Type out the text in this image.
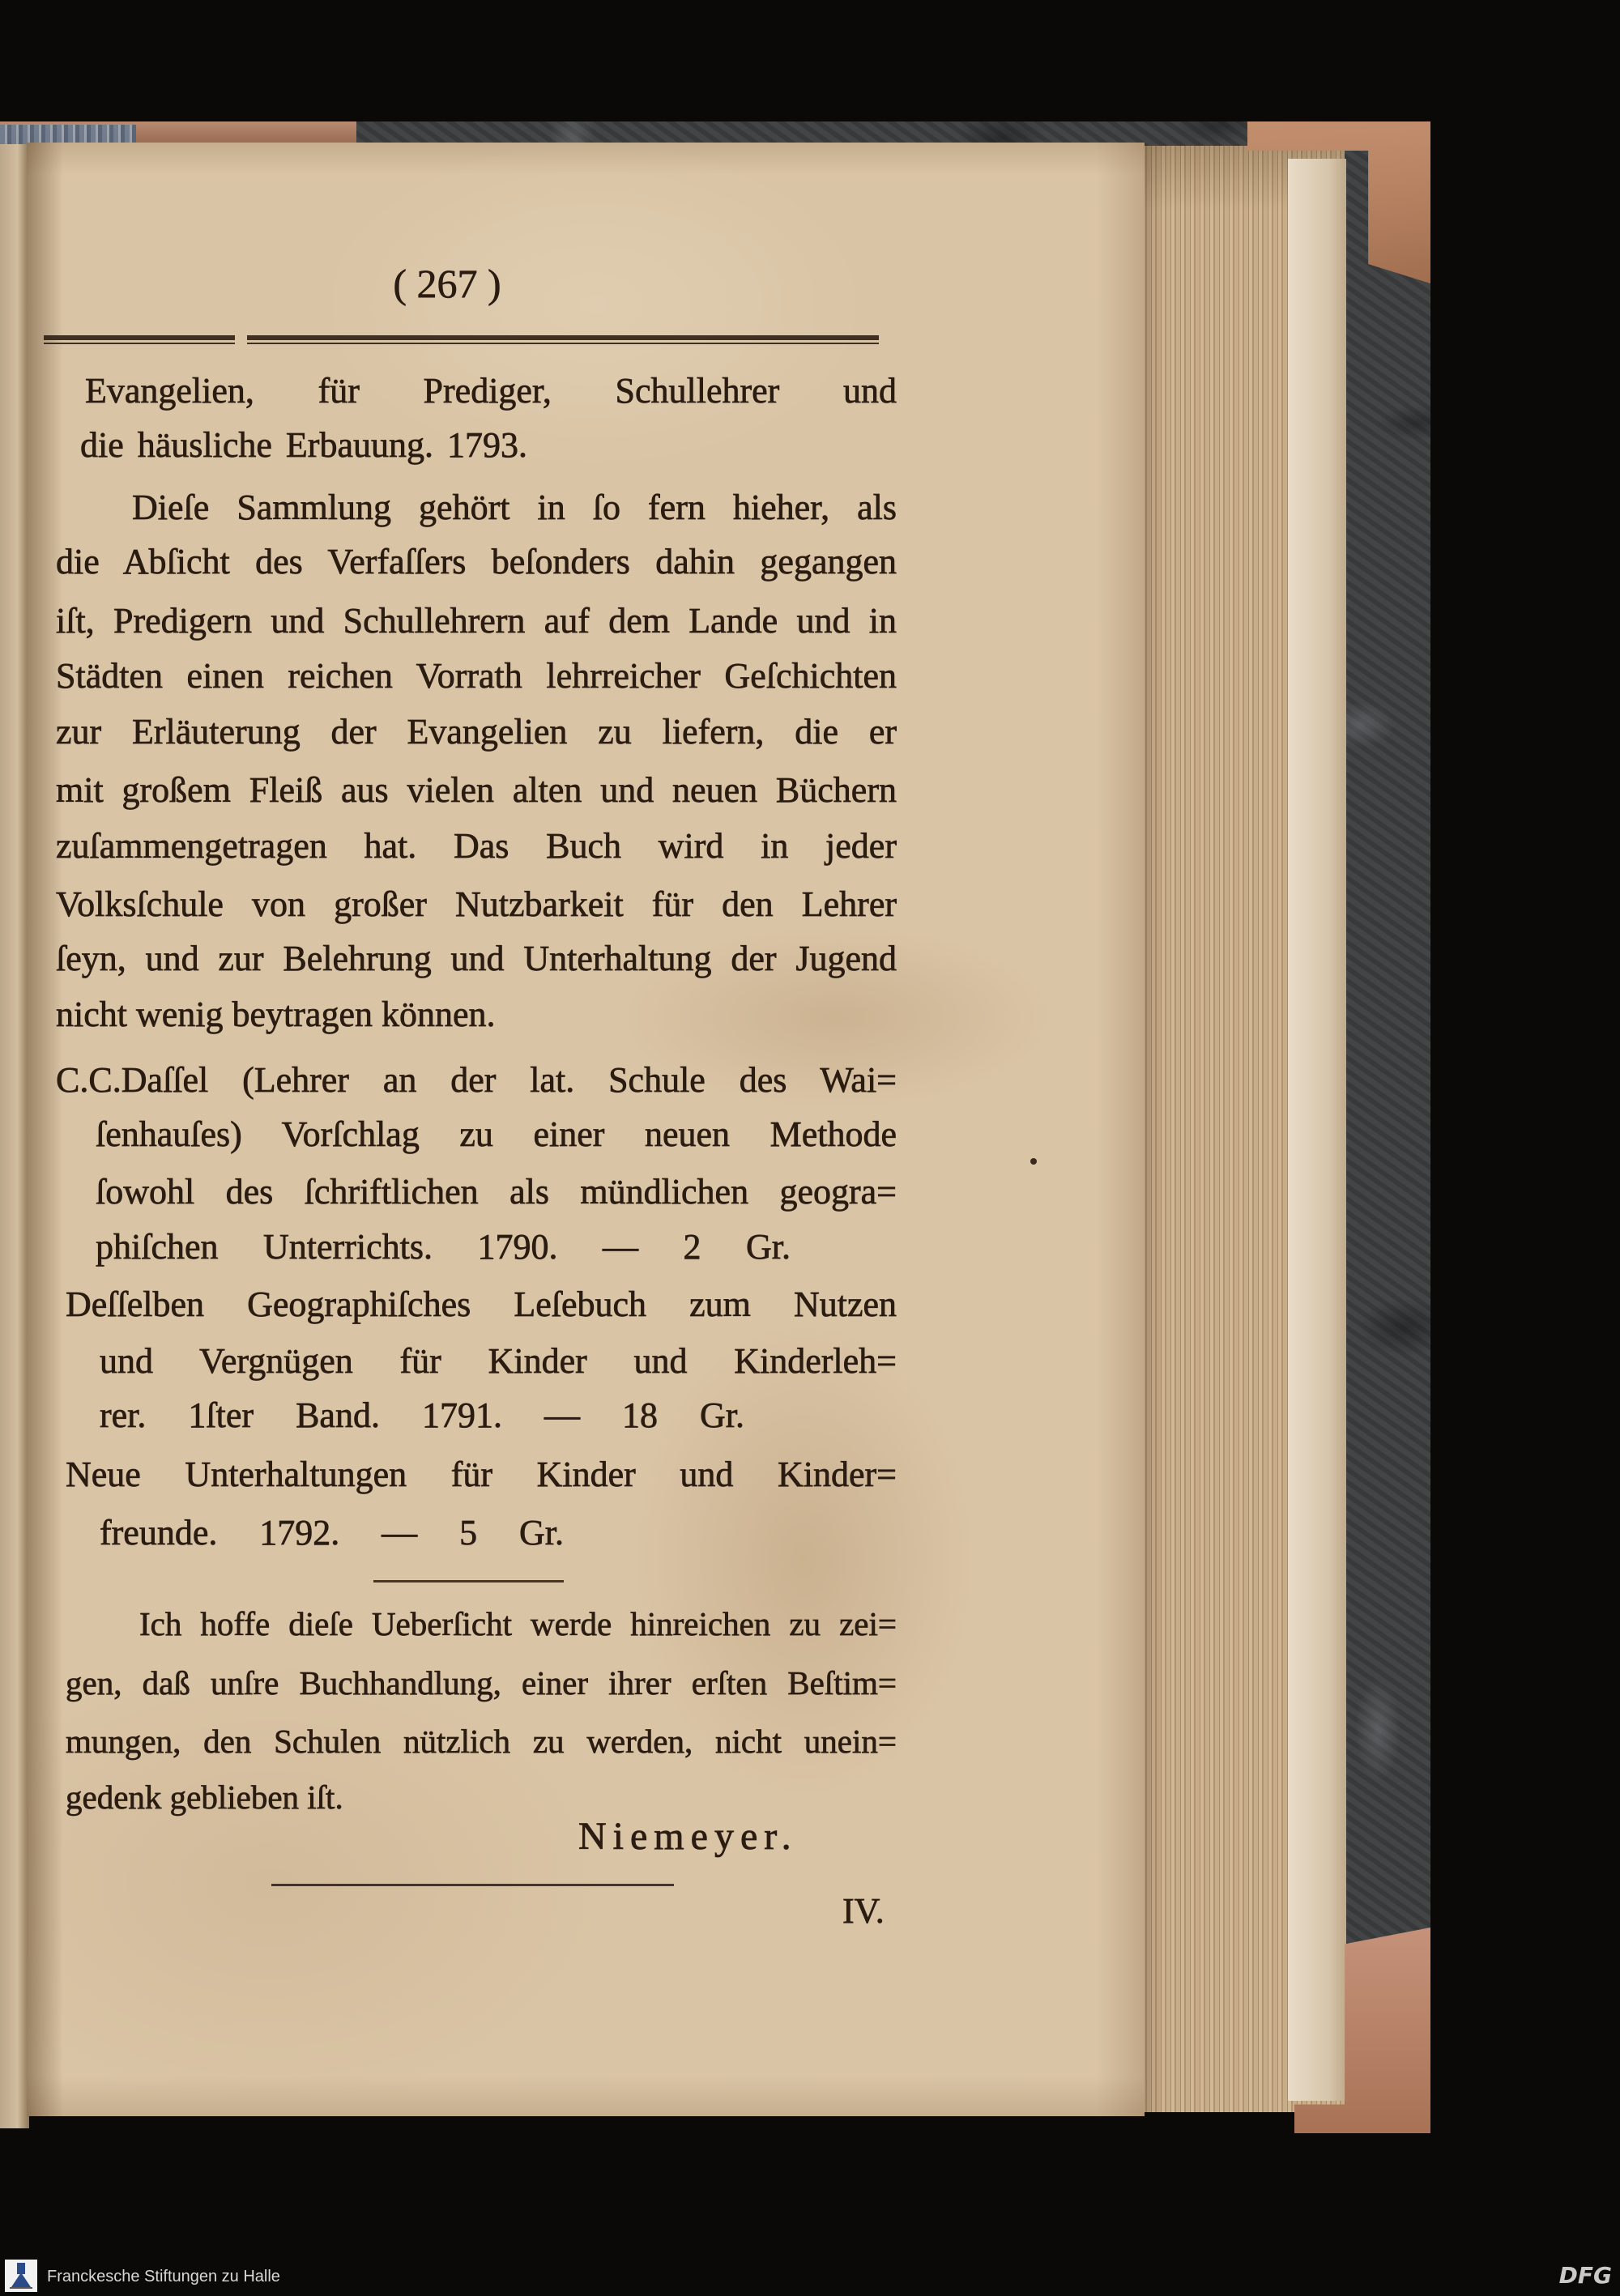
( 267 )
Evangelien, für Prediger, Schullehrer und
die häusliche Erbauung. 1793.
Dieſe Sammlung gehört in ſo fern hieher, als
die Abſicht des Verfaſſers beſonders dahin gegangen
iſt, Predigern und Schullehrern auf dem Lande und in
Städten einen reichen Vorrath lehrreicher Geſchichten
zur Erläuterung der Evangelien zu liefern, die er
mit großem Fleiß aus vielen alten und neuen Büchern
zuſammengetragen hat. Das Buch wird in jeder
Volksſchule von großer Nutzbarkeit für den Lehrer
ſeyn, und zur Belehrung und Unterhaltung der Jugend
nicht wenig beytragen können.
C.C.Daſſel (Lehrer an der lat. Schule des Wai=
ſenhauſes) Vorſchlag zu einer neuen Methode
ſowohl des ſchriftlichen als mündlichen geogra=
phiſchen Unterrichts. 1790. — 2 Gr.
Deſſelben Geographiſches Leſebuch zum Nutzen
und Vergnügen für Kinder und Kinderleh=
rer. 1ſter Band. 1791. — 18 Gr.
Neue Unterhaltungen für Kinder und Kinder=
freunde. 1792. — 5 Gr.
Ich hoffe dieſe Ueberſicht werde hinreichen zu zei=
gen, daß unſre Buchhandlung, einer ihrer erſten Beſtim=
mungen, den Schulen nützlich zu werden, nicht unein=
gedenk geblieben iſt.
Niemeyer.
IV.
Franckesche Stiftungen zu Halle	DFG
